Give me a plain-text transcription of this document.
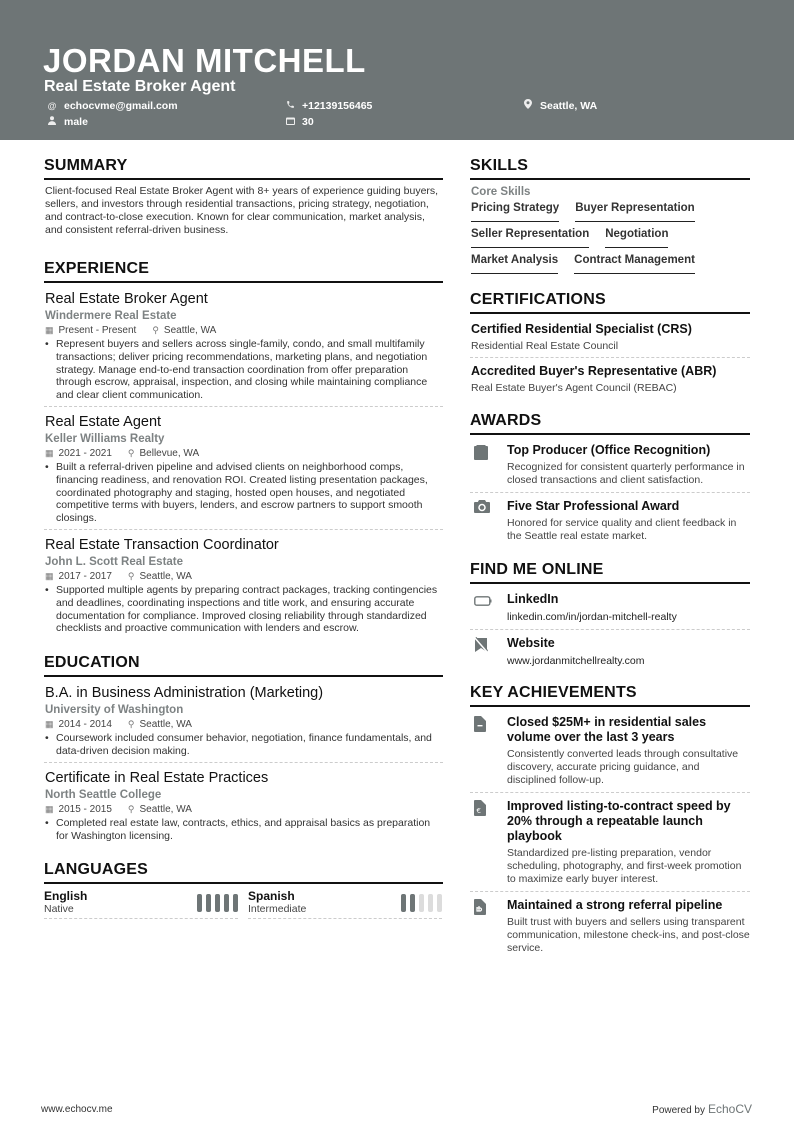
JORDAN MITCHELL
Real Estate Broker Agent
@ echocvme@gmail.com	+12139156465	Seattle, WA
male	30
SUMMARY
Client-focused Real Estate Broker Agent with 8+ years of experience guiding buyers, sellers, and investors through residential transactions, pricing strategy, negotiation, and contract-to-close execution. Known for clear communication, market analysis, and consistent referral-driven business.
EXPERIENCE
Real Estate Broker Agent
Windermere Real Estate
▦ Present - Present ⚲ Seattle, WA
• Represent buyers and sellers across single-family, condo, and small multifamily transactions; deliver pricing recommendations, marketing plans, and negotiation strategy. Manage end-to-end transaction coordination from offer preparation through escrow, appraisal, inspection, and closing while maintaining compliance and clear client communication.
Real Estate Agent
Keller Williams Realty
▦ 2021 - 2021 ⚲ Bellevue, WA
• Built a referral-driven pipeline and advised clients on neighborhood comps, financing readiness, and renovation ROI. Created listing presentation packages, coordinated photography and staging, hosted open houses, and negotiated competitive terms with buyers, lenders, and escrow partners to support smooth closings.
Real Estate Transaction Coordinator
John L. Scott Real Estate
▦ 2017 - 2017 ⚲ Seattle, WA
• Supported multiple agents by preparing contract packages, tracking contingencies and deadlines, coordinating inspections and title work, and ensuring accurate documentation for compliance. Improved closing reliability through standardized checklists and proactive communication with lenders and escrow.
EDUCATION
B.A. in Business Administration (Marketing)
University of Washington
▦ 2014 - 2014 ⚲ Seattle, WA
• Coursework included consumer behavior, negotiation, finance fundamentals, and data-driven decision making.
Certificate in Real Estate Practices
North Seattle College
▦ 2015 - 2015 ⚲ Seattle, WA
• Completed real estate law, contracts, ethics, and appraisal basics as preparation for Washington licensing.
LANGUAGES
English
Native
Spanish
Intermediate
SKILLS
Core Skills
Pricing Strategy Buyer Representation
Seller Representation Negotiation
Market Analysis Contract Management
CERTIFICATIONS
Certified Residential Specialist (CRS)
Residential Real Estate Council
Accredited Buyer's Representative (ABR)
Real Estate Buyer's Agent Council (REBAC)
AWARDS
Top Producer (Office Recognition)
Recognized for consistent quarterly performance in closed transactions and client satisfaction.
Five Star Professional Award
Honored for service quality and client feedback in the Seattle real estate market.
FIND ME ONLINE
LinkedIn
linkedin.com/in/jordan-mitchell-realty
Website
www.jordanmitchellrealty.com
KEY ACHIEVEMENTS
Closed $25M+ in residential sales volume over the last 3 years
Consistently converted leads through consultative discovery, accurate pricing guidance, and disciplined follow-up.
€ Improved listing-to-contract speed by 20% through a repeatable launch playbook
Standardized pre-listing preparation, vendor scheduling, photography, and first-week promotion to maximize early buyer interest.
Maintained a strong referral pipeline
Built trust with buyers and sellers using transparent communication, milestone check-ins, and post-close service.
www.echocv.me	Powered by EchoCV
